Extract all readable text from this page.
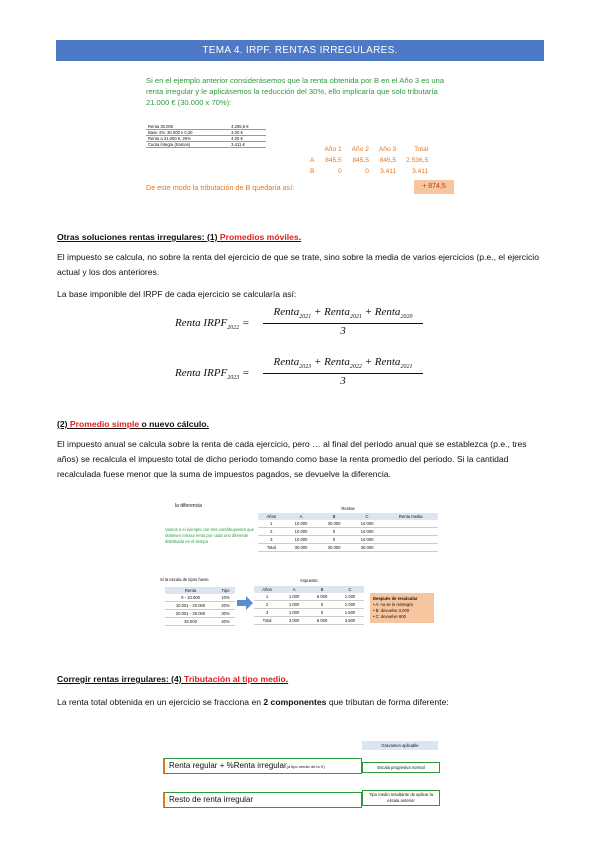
TEMA 4. IRPF. RENTAS IRREGULARES.
Si en el ejemplo anterior considerásemos que la renta obtenida por B en el Año 3 es una renta irregular y le aplicásemos la reducción del 30%, ello implicaría que solo tributaría 21.000 € (30.000 x 70%):
Renta 30.000	4.255,5 €
Base 4%: 30.000 x 0,30	3.00 €
Renta a 21.000 €, 20%	4.00 €
Cuota íntegra (tramos)	3.411 €
	Año 1	Año 2	Año 3	Total
A	845,5	845,5	845,5	2.536,5
B	0	0	3.411	3.411
De este modo la tributación de B quedaría así:	+ 874,5
Otras soluciones rentas irregulares: (1) Promedios móviles.
El impuesto se calcula, no sobre la renta del ejercicio de que se trate, sino sobre la media de varios ejercicios (p.e., el ejercicio actual y los dos anteriores.
La base imponible del IRPF de cada ejercicio se calcularía así:
Renta $IRPF_{2022}$ =
Renta$_{2021}$ + Renta$_{2021}$ + Renta$_{2020}$
3
Renta $IRPF_{2023}$ =
Renta$_{2023}$ + Renta$_{2022}$ + Renta$_{2021}$
3
(2) Promedio simple o nuevo cálculo.
El impuesto anual se calcula sobre la renta de cada ejercicio, pero … al final del periodo anual que se establezca (p.e., tres años) se recalcula el impuesto total de dicho periodo tomando como base la renta promedio del periodo. Si la cantidad recalculada fuese menor que la suma de impuestos pagados, se devuelve la diferencia.
la diferencia
Vamos a el ejemplo con tres contribuyentes que obtienen misma renta por cada uno diferente distribuida en el tiempo
Rentas
Años	A	B	C	Renta media
1	10.000	30.000	10.000	
2	10.000	0	10.000	
3	10.000	0	10.000	
Total	30.000	30.000	30.000	
Si la escala de tipos fuese
Renta	Tipo
0 - 10.000	10%
10.001 - 20.000	20%
20.001 - 30.000	30%
30.000	40%
Impuesto
Años	A	B	C
1	1.000	6.000	1.000
2	1.000	0	1.000
3	1.000	0	1.600
Total	3.000	6.000	3.600
Después de recalcular
• A: no se le reintegra
• B: devuelve 3.000
• C: devuelve 600
Corregir rentas irregulares: (4) Tributación al tipo medio.
La renta total obtenida en un ejercicio se fracciona en 2 componentes que tributan de forma diferente:
Renta regular + %Renta irregular(a tipo medio de la X)
Resto de renta irregular
Gravamen aplicable
Escala progresiva normal
Tipo medio resultante de aplicar la escala anterior
